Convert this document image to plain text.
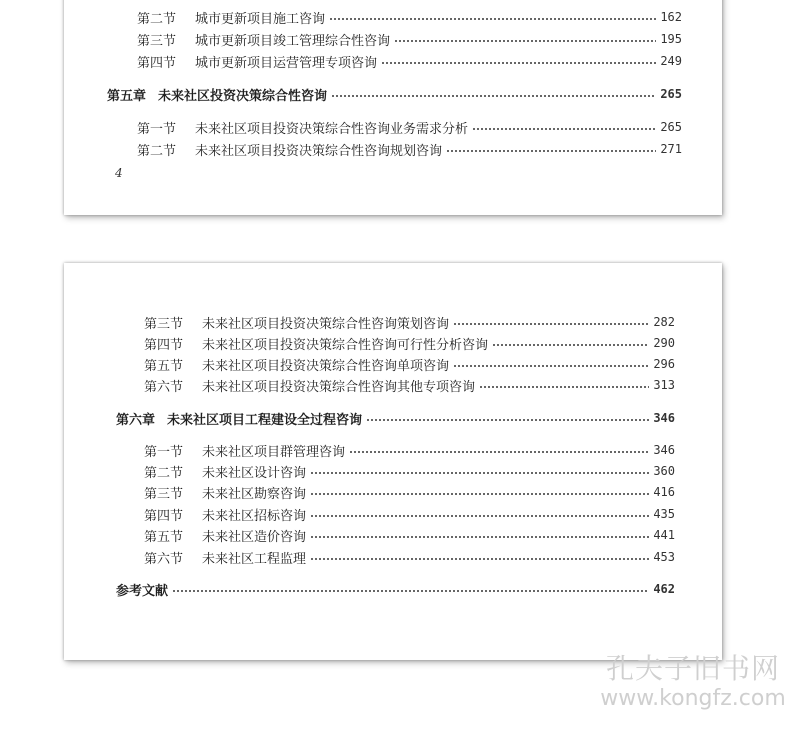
第二节	城市更新项目施工咨询	162
第三节	城市更新项目竣工管理综合性咨询	195
第四节	城市更新项目运营管理专项咨询	249
第五章 未来社区投资决策综合性咨询	265
第一节	未来社区项目投资决策综合性咨询业务需求分析	265
第二节	未来社区项目投资决策综合性咨询规划咨询	271
4
第三节	未来社区项目投资决策综合性咨询策划咨询	282
第四节	未来社区项目投资决策综合性咨询可行性分析咨询	290
第五节	未来社区项目投资决策综合性咨询单项咨询	296
第六节	未来社区项目投资决策综合性咨询其他专项咨询	313
第六章 未来社区项目工程建设全过程咨询	346
第一节	未来社区项目群管理咨询	346
第二节	未来社区设计咨询	360
第三节	未来社区勘察咨询	416
第四节	未来社区招标咨询	435
第五节	未来社区造价咨询	441
第六节	未来社区工程监理	453
参考文献	462
孔夫子旧书网
www.kongfz.com
